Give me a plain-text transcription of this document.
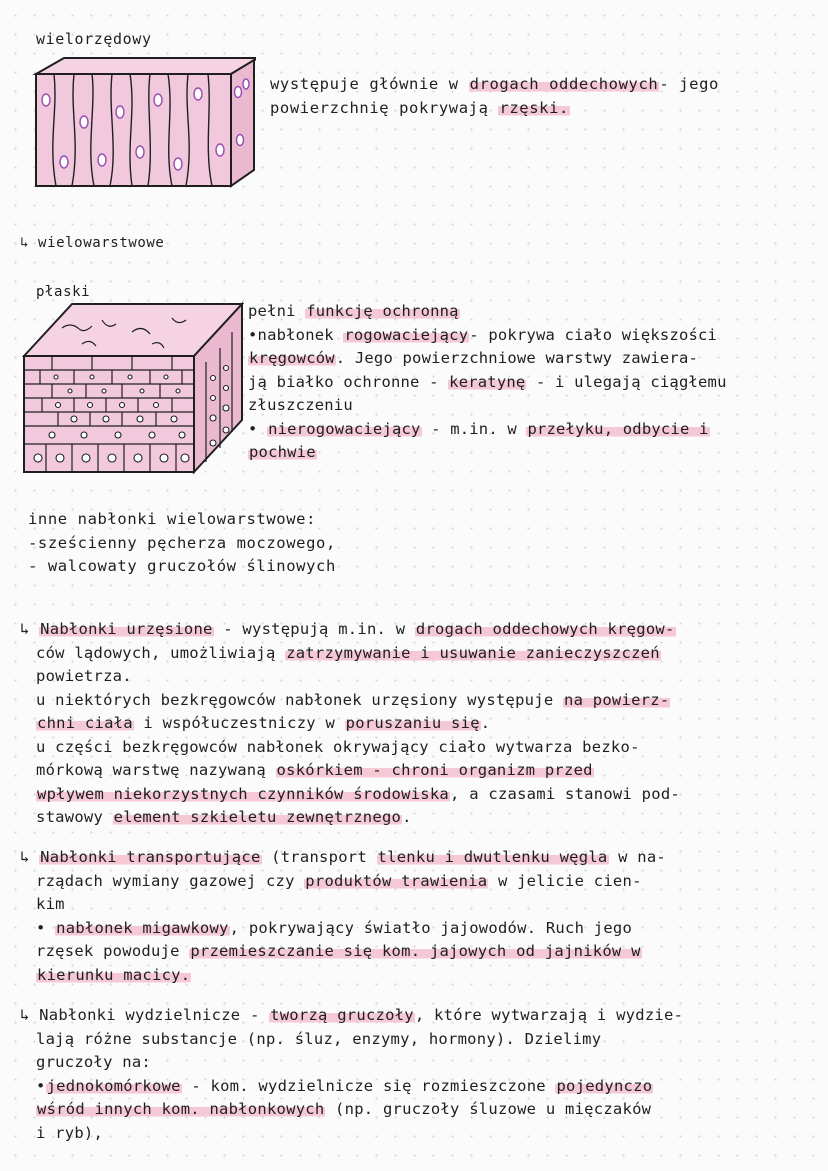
wielorzędowy
występuje głównie w drogach oddechowych- jego
powierzchnię pokrywają rzęski.
↳ wielowarstwowe
płaski
pełni funkcję ochronną
•nabłonek rogowaciejący- pokrywa ciało większości
kręgowców. Jego powierzchniowe warstwy zawiera-
ją białko ochronne - keratynę - i ulegają ciągłemu
złuszczeniu
• nierogowaciejący - m.in. w przełyku, odbycie i
pochwie
inne nabłonki wielowarstwowe:
-sześcienny pęcherza moczowego,
- walcowaty gruczołów ślinowych
↳ Nabłonki urzęsione - występują m.in. w drogach oddechowych kręgow-
ców lądowych, umożliwiają zatrzymywanie i usuwanie zanieczyszczeń
powietrza.
u niektórych bezkręgowców nabłonek urzęsiony występuje na powierz-
chni ciała i współuczestniczy w poruszaniu się.
u części bezkręgowców nabłonek okrywający ciało wytwarza bezko-
mórkową warstwę nazywaną oskórkiem - chroni organizm przed
wpływem niekorzystnych czynników środowiska, a czasami stanowi pod-
stawowy element szkieletu zewnętrznego.
↳ Nabłonki transportujące (transport tlenku i dwutlenku węgla w na-
rządach wymiany gazowej czy produktów trawienia w jelicie cien-
kim
• nabłonek migawkowy, pokrywający światło jajowodów. Ruch jego
rzęsek powoduje przemieszczanie się kom. jajowych od jajników w
kierunku macicy.
↳ Nabłonki wydzielnicze - tworzą gruczoły, które wytwarzają i wydzie-
lają różne substancje (np. śluz, enzymy, hormony). Dzielimy
gruczoły na:
•jednokomórkowe - kom. wydzielnicze się rozmieszczone pojedynczo
wśród innych kom. nabłonkowych (np. gruczoły śluzowe u mięczaków
i ryb),
